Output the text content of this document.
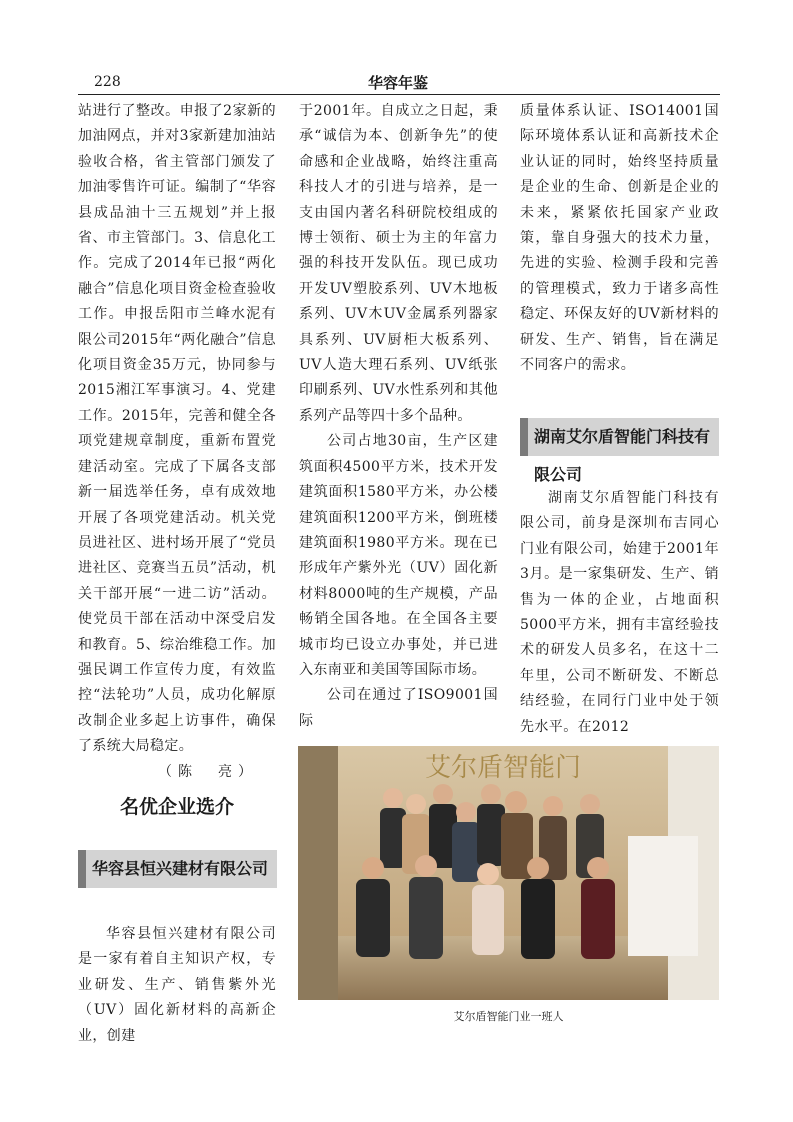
228	华容年鉴

站进行了整改。申报了2家新的加油网点，并对3家新建加油站验收合格，省主管部门颁发了加油零售许可证。编制了“华容县成品油十三五规划”并上报省、市主管部门。3、信息化工作。完成了2014年已报“两化融合”信息化项目资金检查验收工作。申报岳阳市兰峰水泥有限公司2015年“两化融合”信息化项目资金35万元，协同参与2015湘江军事演习。4、党建工作。2015年，完善和健全各项党建规章制度，重新布置党建活动室。完成了下属各支部新一届选举任务，卓有成效地开展了各项党建活动。机关党员进社区、进村场开展了“党员进社区、竞赛当五员”活动，机关干部开展“一进二访”活动。使党员干部在活动中深受启发和教育。5、综治维稳工作。加强民调工作宣传力度，有效监控“法轮功”人员，成功化解原改制企业多起上访事件，确保了系统大局稳定。

（陈　亮）

名优企业选介
华容县恒兴建材有限公司

华容县恒兴建材有限公司是一家有着自主知识产权，专业研发、生产、销售紫外光（UV）固化新材料的高新企业，创建

于2001年。自成立之日起，秉承“诚信为本、创新争先”的使命感和企业战略，始终注重高科技人才的引进与培养，是一支由国内著名科研院校组成的博士领衔、硕士为主的年富力强的科技开发队伍。现已成功开发UV塑胶系列、UV木地板系列、UV木UV金属系列器家具系列、UV厨柜大板系列、UV人造大理石系列、UV纸张印刷系列、UV水性系列和其他系列产品等四十多个品种。

公司占地30亩，生产区建筑面积4500平方米，技术开发建筑面积1580平方米，办公楼建筑面积1200平方米，倒班楼建筑面积1980平方米。现在已形成年产紫外光（UV）固化新材料8000吨的生产规模，产品畅销全国各地。在全国各主要城市均已设立办事处，并已进入东南亚和美国等国际市场。

公司在通过了ISO9001国际

质量体系认证、ISO14001国际环境体系认证和高新技术企业认证的同时，始终坚持质量是企业的生命、创新是企业的未来，紧紧依托国家产业政策，靠自身强大的技术力量，先进的实验、检测手段和完善的管理模式，致力于诸多高性稳定、环保友好的UV新材料的研发、生产、销售，旨在满足不同客户的需求。

湖南艾尔盾智能门科技有限公司

湖南艾尔盾智能门科技有限公司，前身是深圳布吉同心门业有限公司，始建于2001年3月。是一家集研发、生产、销售为一体的企业，占地面积5000平方米，拥有丰富经验技术的研发人员多名，在这十二年里，公司不断研发、不断总结经验，在同行门业中处于领先水平。在2012

艾尔盾智能门
艾尔盾智能门业一班人
